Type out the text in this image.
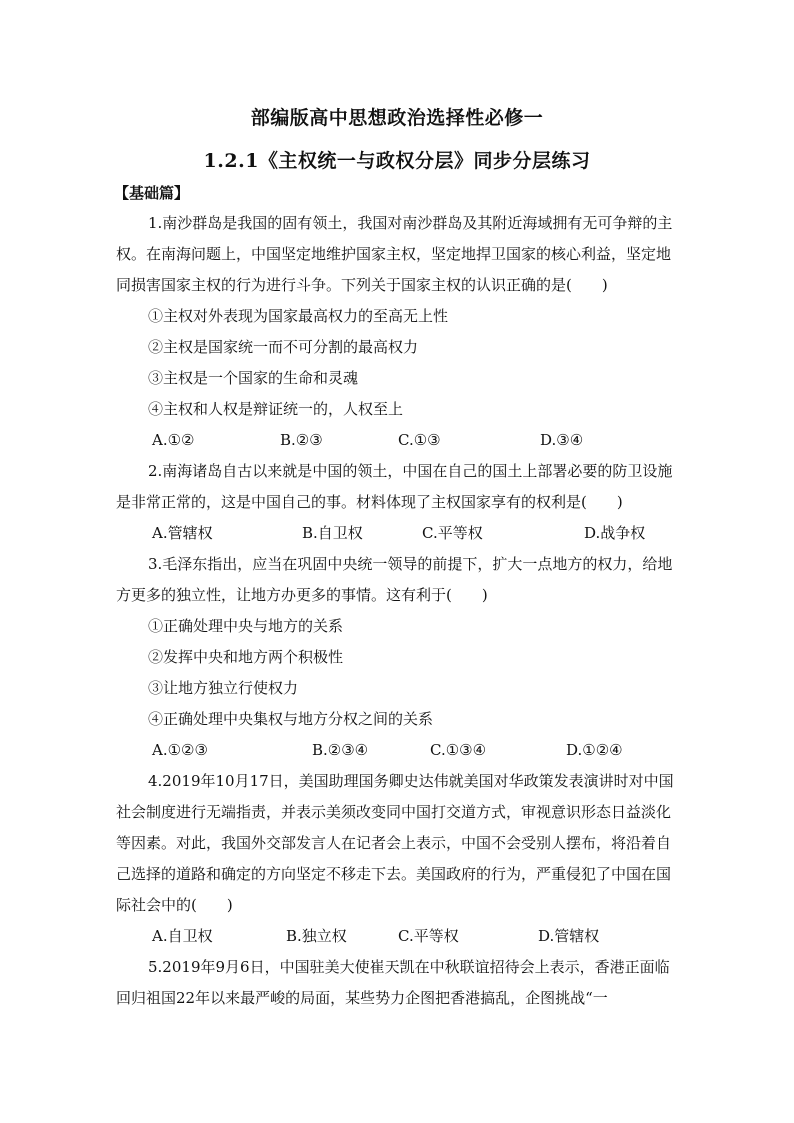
部编版高中思想政治选择性必修一
1.2.1《主权统一与政权分层》同步分层练习
【基础篇】

1.南沙群岛是我国的固有领土，我国对南沙群岛及其附近海域拥有无可争辩的主权。在南海问题上，中国坚定地维护国家主权，坚定地捍卫国家的核心利益，坚定地同损害国家主权的行为进行斗争。下列关于国家主权的认识正确的是(　　)

①主权对外表现为国家最高权力的至高无上性

②主权是国家统一而不可分割的最高权力

③主权是一个国家的生命和灵魂

④主权和人权是辩证统一的，人权至上

A.①②	B.②③	C.①③	D.③④

2.南海诸岛自古以来就是中国的领土，中国在自己的国土上部署必要的防卫设施是非常正常的，这是中国自己的事。材料体现了主权国家享有的权利是(　　)

A.管辖权	B.自卫权	C.平等权	D.战争权

3.毛泽东指出，应当在巩固中央统一领导的前提下，扩大一点地方的权力，给地方更多的独立性，让地方办更多的事情。这有利于(　　)

①正确处理中央与地方的关系

②发挥中央和地方两个积极性

③让地方独立行使权力

④正确处理中央集权与地方分权之间的关系

A.①②③	B.②③④	C.①③④	D.①②④

4.2019年10月17日，美国助理国务卿史达伟就美国对华政策发表演讲时对中国社会制度进行无端指责，并表示美须改变同中国打交道方式，审视意识形态日益淡化等因素。对此，我国外交部发言人在记者会上表示，中国不会受别人摆布，将沿着自己选择的道路和确定的方向坚定不移走下去。美国政府的行为，严重侵犯了中国在国际社会中的(　　)

A.自卫权	B.独立权	C.平等权	D.管辖权

5.2019年9月6日，中国驻美大使崔天凯在中秋联谊招待会上表示，香港正面临回归祖国22年以来最严峻的局面，某些势力企图把香港搞乱，企图挑战“一
